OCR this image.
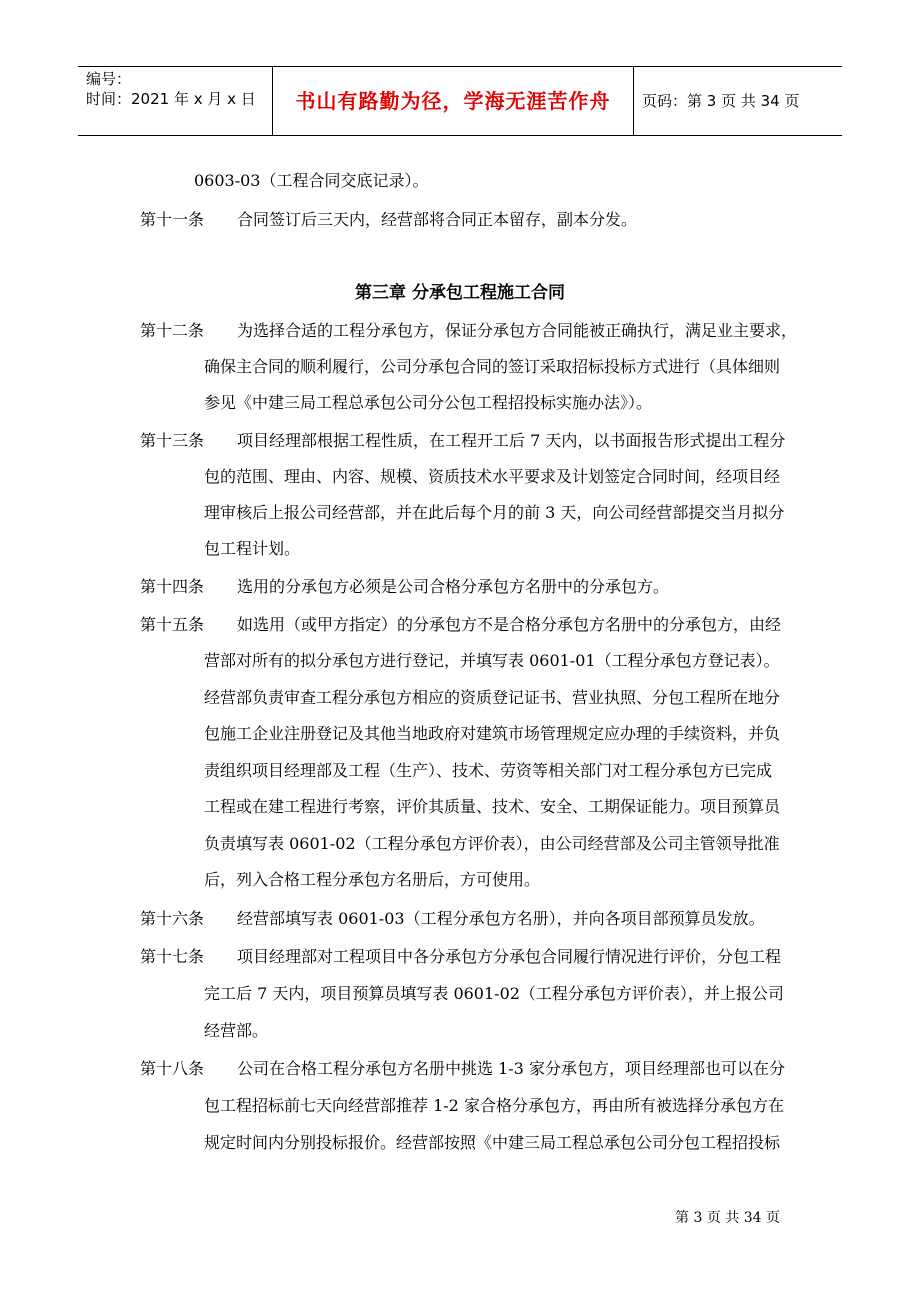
编号：
时间：2021 年 x 月 x 日	书山有路勤为径，学海无涯苦作舟	页码：第 3 页 共 34 页
0603-03（工程合同交底记录）。
第十一条 合同签订后三天内，经营部将合同正本留存，副本分发。
第三章 分承包工程施工合同
第十二条 为选择合适的工程分承包方，保证分承包方合同能被正确执行，满足业主要求，
确保主合同的顺利履行，公司分承包合同的签订采取招标投标方式进行（具体细则
参见《中建三局工程总承包公司分公包工程招投标实施办法》）。
第十三条 项目经理部根据工程性质，在工程开工后 7 天内，以书面报告形式提出工程分
包的范围、理由、内容、规模、资质技术水平要求及计划签定合同时间，经项目经
理审核后上报公司经营部，并在此后每个月的前 3 天，向公司经营部提交当月拟分
包工程计划。
第十四条 选用的分承包方必须是公司合格分承包方名册中的分承包方。
第十五条 如选用（或甲方指定）的分承包方不是合格分承包方名册中的分承包方，由经
营部对所有的拟分承包方进行登记，并填写表 0601-01（工程分承包方登记表）。
经营部负责审查工程分承包方相应的资质登记证书、营业执照、分包工程所在地分
包施工企业注册登记及其他当地政府对建筑市场管理规定应办理的手续资料，并负
责组织项目经理部及工程（生产）、技术、劳资等相关部门对工程分承包方已完成
工程或在建工程进行考察，评价其质量、技术、安全、工期保证能力。项目预算员
负责填写表 0601-02（工程分承包方评价表），由公司经营部及公司主管领导批准
后，列入合格工程分承包方名册后，方可使用。
第十六条 经营部填写表 0601-03（工程分承包方名册），并向各项目部预算员发放。
第十七条 项目经理部对工程项目中各分承包方分承包合同履行情况进行评价，分包工程
完工后 7 天内，项目预算员填写表 0601-02（工程分承包方评价表），并上报公司
经营部。
第十八条 公司在合格工程分承包方名册中挑选 1-3 家分承包方，项目经理部也可以在分
包工程招标前七天向经营部推荐 1-2 家合格分承包方，再由所有被选择分承包方在
规定时间内分别投标报价。经营部按照《中建三局工程总承包公司分包工程招投标
第 3 页 共 34 页
